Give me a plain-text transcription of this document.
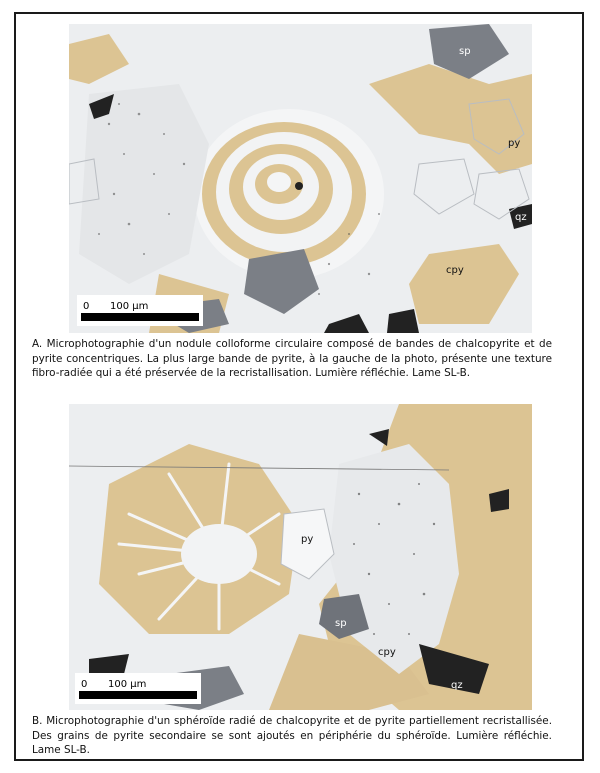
sp
py
qz
cpy
0 100 µm
A. Microphotographie d'un nodule colloforme circulaire composé de bandes de chalcopyrite et de pyrite concentriques. La plus large bande de pyrite, à la gauche de la photo, présente une texture fibro-radiée qui a été préservée de la recristallisation. Lumière réfléchie. Lame SL-B.
py
sp
cpy
qz
0 100 µm
B. Microphotographie d'un sphéroïde radié de chalcopyrite et de pyrite partiellement recristallisée. Des grains de pyrite secondaire se sont ajoutés en périphérie du sphéroïde. Lumière réfléchie. Lame SL-B.
